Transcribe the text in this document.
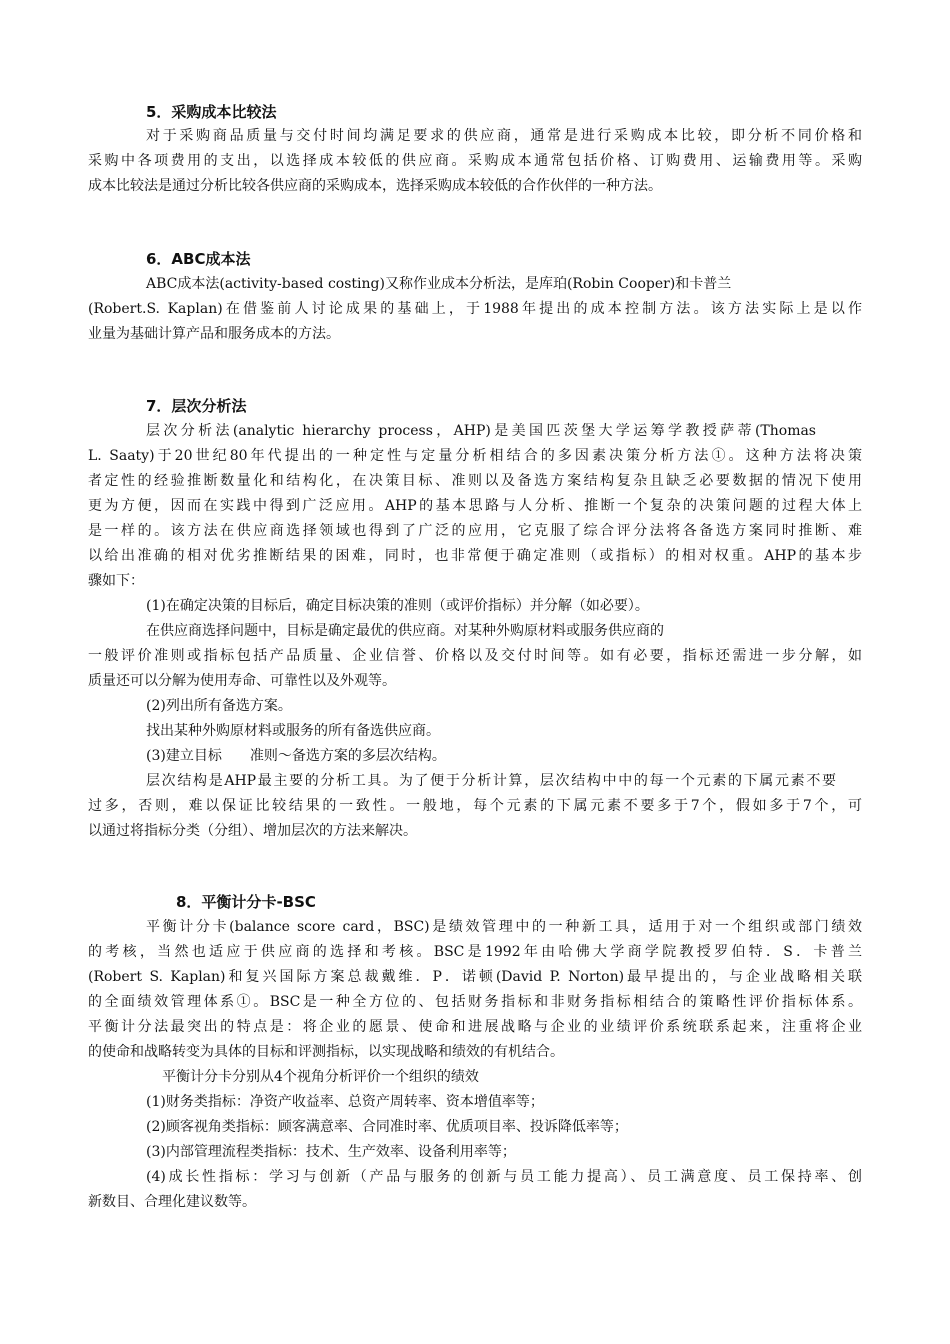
5．采购成本比较法
对于采购商品质量与交付时间均满足要求的供应商，通常是进行采购成本比较，即分析不同价格和
采购中各项费用的支出，以选择成本较低的供应商。采购成本通常包括价格、订购费用、运输费用等。采购
成本比较法是通过分析比较各供应商的采购成本，选择采购成本较低的合作伙伴的一种方法。
6．ABC成本法
ABC成本法(activity-based costing)又称作业成本分析法，是库珀(Robin Cooper)和卡普兰
(Robert.S. Kaplan)在借鉴前人讨论成果的基础上，于1988年提出的成本控制方法。该方法实际上是以作
业量为基础计算产品和服务成本的方法。
7．层次分析法
层次分析法(analytic hierarchy process，AHP)是美国匹茨堡大学运筹学教授萨蒂(Thomas
L. Saaty)于20世纪80年代提出的一种定性与定量分析相结合的多因素决策分析方法①。这种方法将决策
者定性的经验推断数量化和结构化，在决策目标、准则以及备选方案结构复杂且缺乏必要数据的情况下使用
更为方便，因而在实践中得到广泛应用。AHP的基本思路与人分析、推断一个复杂的决策问题的过程大体上
是一样的。该方法在供应商选择领域也得到了广泛的应用，它克服了综合评分法将各备选方案同时推断、难
以给出准确的相对优劣推断结果的困难，同时，也非常便于确定准则（或指标）的相对权重。AHP的基本步
骤如下：
(1)在确定决策的目标后，确定目标决策的准则（或评价指标）并分解（如必要）。
在供应商选择问题中，目标是确定最优的供应商。对某种外购原材料或服务供应商的
一般评价准则或指标包括产品质量、企业信誉、价格以及交付时间等。如有必要，指标还需进一步分解，如
质量还可以分解为使用寿命、可靠性以及外观等。
(2)列出所有备选方案。
找出某种外购原材料或服务的所有备选供应商。
(3)建立目标　　准则～备选方案的多层次结构。
层次结构是AHP最主要的分析工具。为了便于分析计算，层次结构中中的每一个元素的下属元素不要
过多，否则，难以保证比较结果的一致性。一般地，每个元素的下属元素不要多于7个，假如多于7个，可
以通过将指标分类（分组）、增加层次的方法来解决。
8．平衡计分卡-BSC
平衡计分卡(balance score card，BSC)是绩效管理中的一种新工具，适用于对一个组织或部门绩效
的考核，当然也适应于供应商的选择和考核。BSC是1992年由哈佛大学商学院教授罗伯特．S．卡普兰
(Robert S. Kaplan)和复兴国际方案总裁戴维．P．诺顿(David P. Norton)最早提出的，与企业战略相关联
的全面绩效管理体系①。BSC是一种全方位的、包括财务指标和非财务指标相结合的策略性评价指标体系。
平衡计分法最突出的特点是：将企业的愿景、使命和进展战略与企业的业绩评价系统联系起来，注重将企业
的使命和战略转变为具体的目标和评测指标，以实现战略和绩效的有机结合。
平衡计分卡分别从4个视角分析评价一个组织的绩效
(1)财务类指标：净资产收益率、总资产周转率、资本增值率等；
(2)顾客视角类指标：顾客满意率、合同准时率、优质项目率、投诉降低率等；
(3)内部管理流程类指标：技术、生产效率、设备利用率等；
(4)成长性指标：学习与创新（产品与服务的创新与员工能力提高）、员工满意度、员工保持率、创
新数目、合理化建议数等。
